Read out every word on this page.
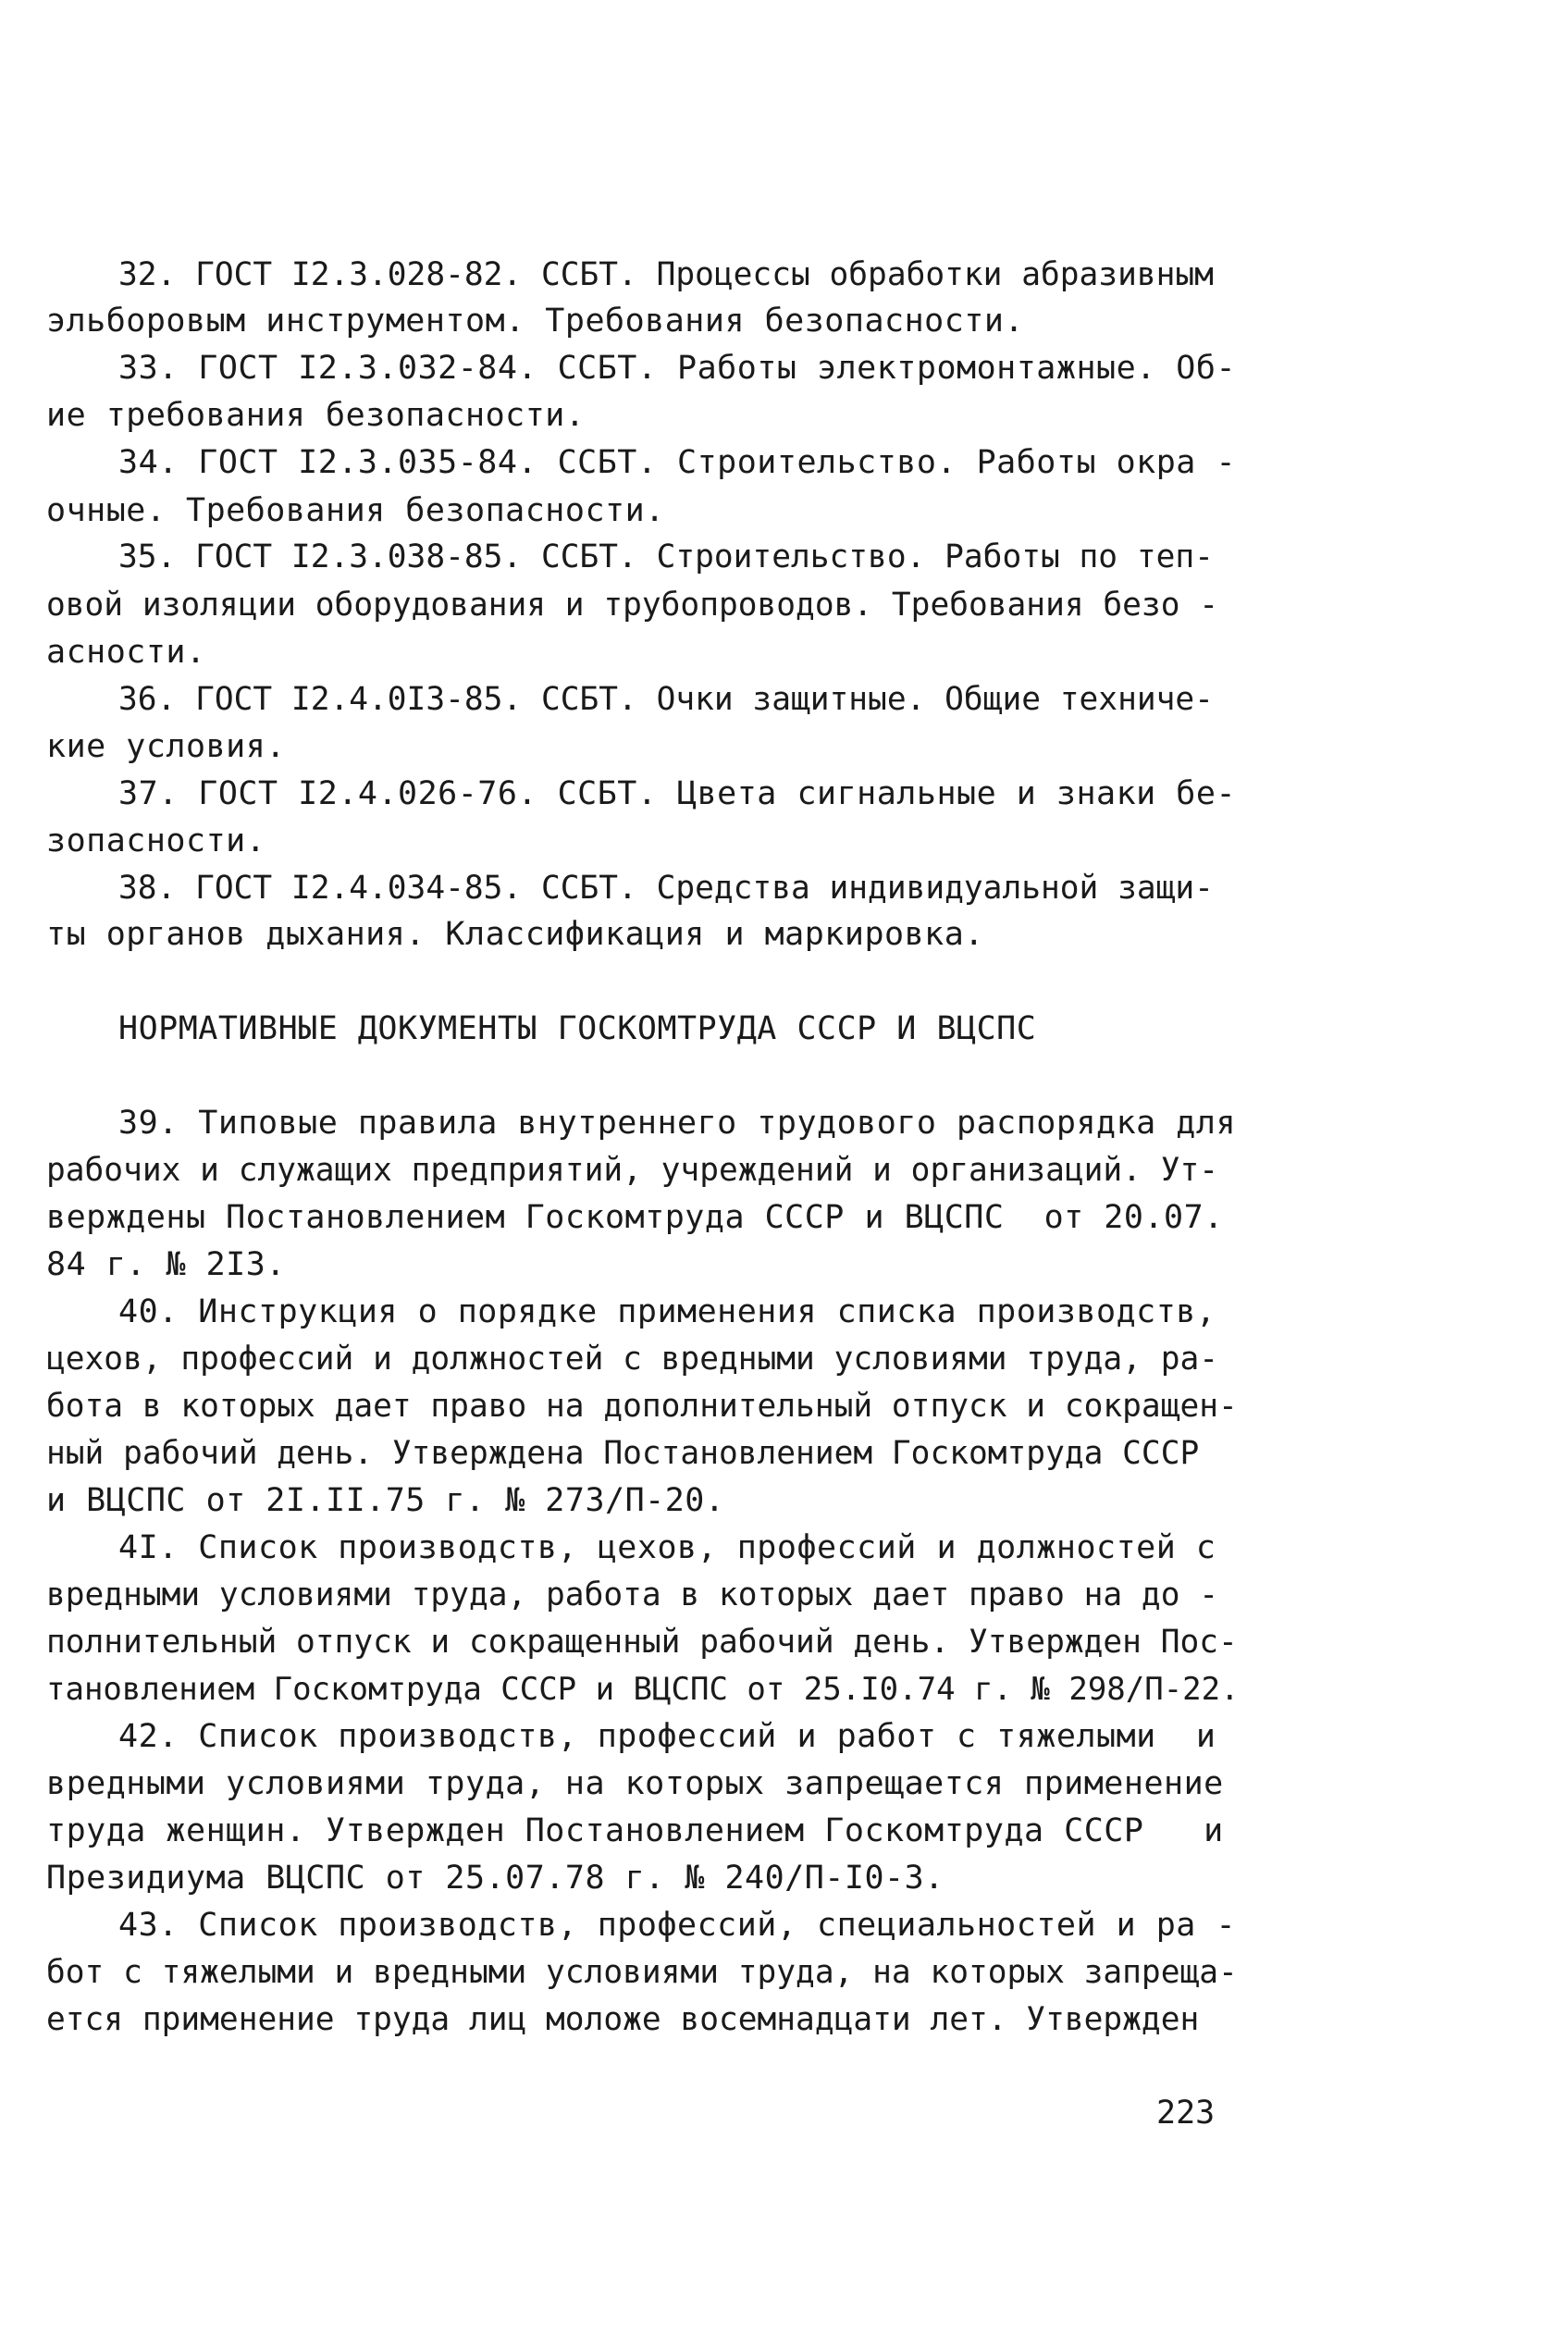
32. ГОСТ I2.3.028-82. ССБТ. Процессы обработки абразивным
эльборовым инструментом. Требования безопасности.
33. ГОСТ I2.3.032-84. ССБТ. Работы электромонтажные. Об-
ие требования безопасности.
34. ГОСТ I2.3.035-84. ССБТ. Строительство. Работы окра -
очные. Требования безопасности.
35. ГОСТ I2.3.038-85. ССБТ. Строительство. Работы по теп-
овой изоляции оборудования и трубопроводов. Требования безо -
асности.
36. ГОСТ I2.4.0I3-85. ССБТ. Очки защитные. Общие техниче-
кие условия.
37. ГОСТ I2.4.026-76. ССБТ. Цвета сигнальные и знаки бе-
зопасности.
38. ГОСТ I2.4.034-85. ССБТ. Средства индивидуальной защи-
ты органов дыхания. Классификация и маркировка.
НОРМАТИВНЫЕ ДОКУМЕНТЫ ГОСКОМТРУДА СССР И ВЦСПС
39. Типовые правила внутреннего трудового распорядка для
рабочих и служащих предприятий, учреждений и организаций. Ут-
верждены Постановлением Госкомтруда СССР и ВЦСПС  от 20.07.
84 г. № 2I3.
40. Инструкция о порядке применения списка производств,
цехов, профессий и должностей с вредными условиями труда, ра-
бота в которых дает право на дополнительный отпуск и сокращен-
ный рабочий день. Утверждена Постановлением Госкомтруда СССР
и ВЦСПС от 2I.II.75 г. № 273/П-20.
4I. Список производств, цехов, профессий и должностей с
вредными условиями труда, работа в которых дает право на до -
полнительный отпуск и сокращенный рабочий день. Утвержден Пос-
тановлением Госкомтруда СССР и ВЦСПС от 25.I0.74 г. № 298/П-22.
42. Список производств, профессий и работ с тяжелыми  и
вредными условиями труда, на которых запрещается применение
труда женщин. Утвержден Постановлением Госкомтруда СССР   и
Президиума ВЦСПС от 25.07.78 г. № 240/П-I0-3.
43. Список производств, профессий, специальностей и ра -
бот с тяжелыми и вредными условиями труда, на которых запреща-
ется применение труда лиц моложе восемнадцати лет. Утвержден
223
